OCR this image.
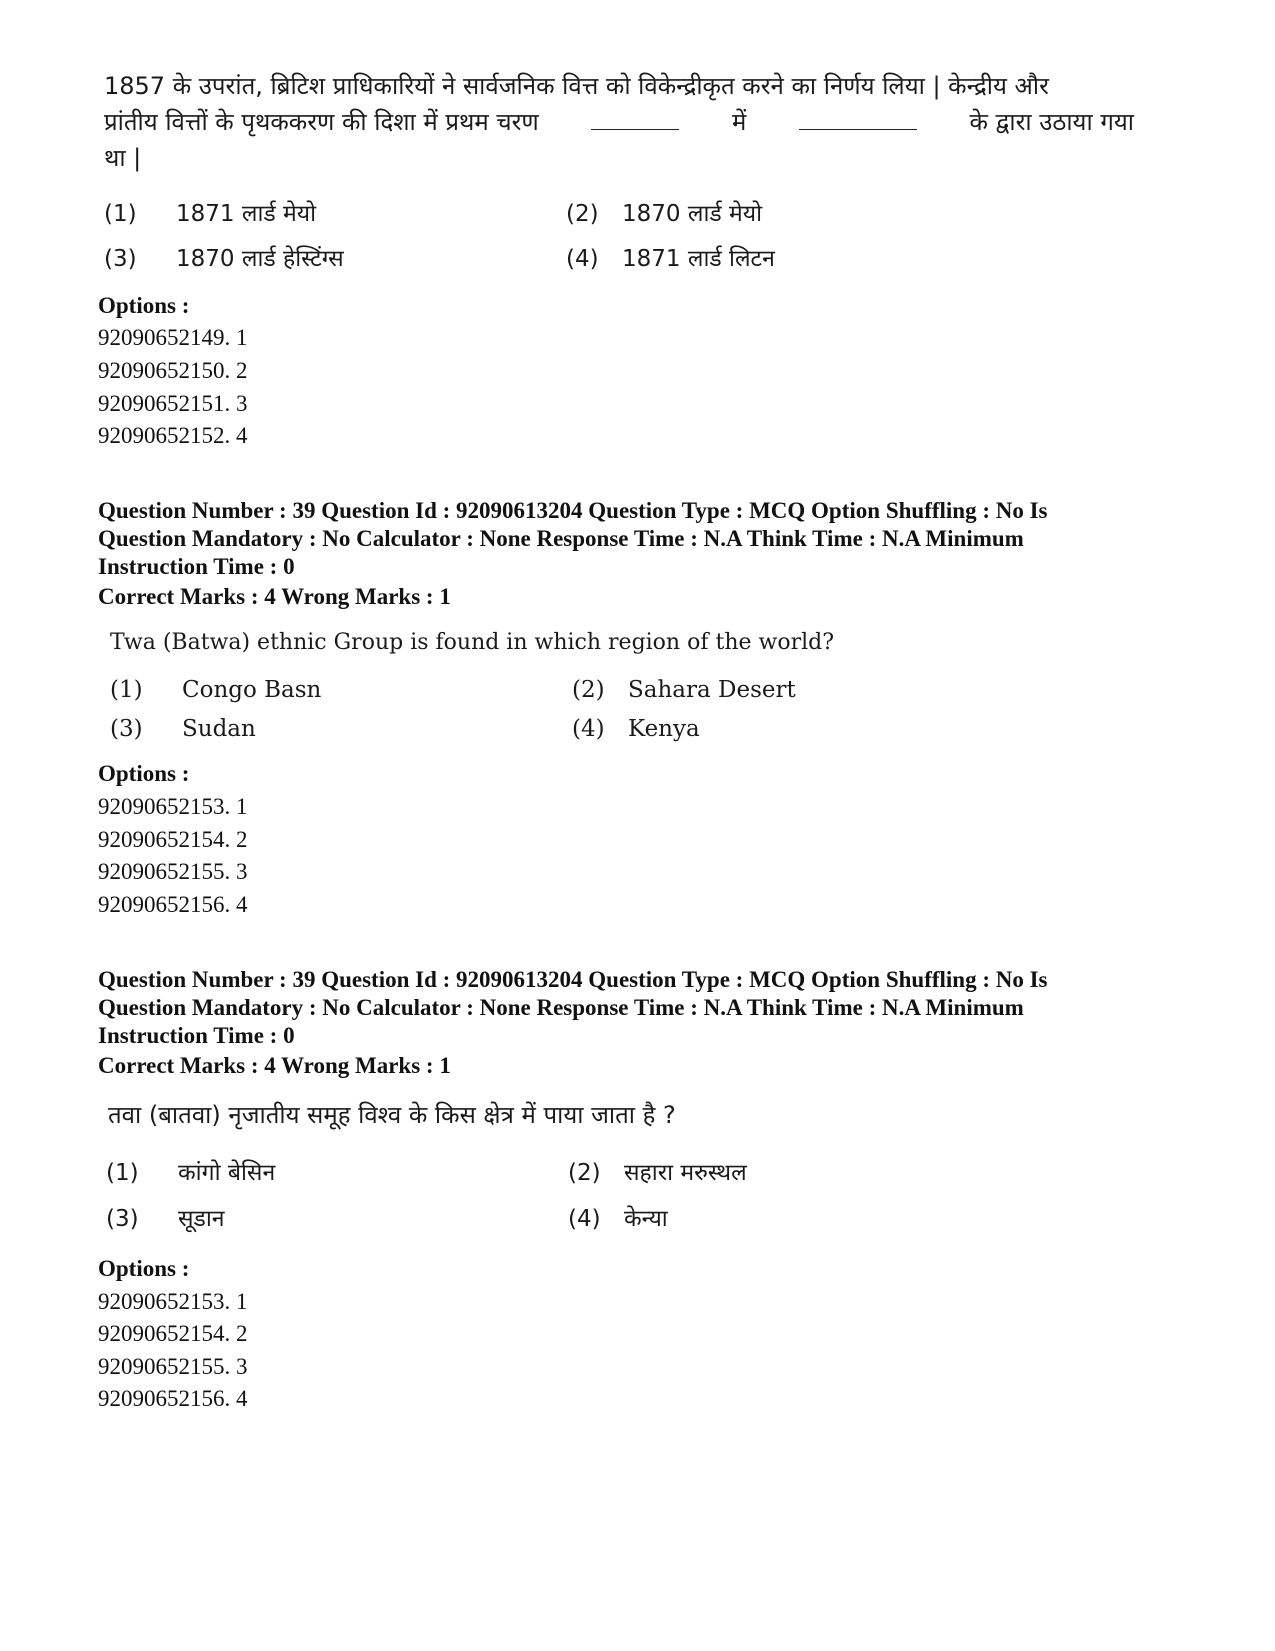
1857 के उपरांत, ब्रिटिश प्राधिकारियों ने सार्वजनिक वित्त को विकेन्द्रीकृत करने का निर्णय लिया | केन्द्रीय और
प्रांतीय वित्तों के पृथककरण की दिशा में प्रथम चरण	में	के द्वारा उठाया गया
था |
(1) 1871 लार्ड मेयो	(2) 1870 लार्ड मेयो
(3) 1870 लार्ड हेस्टिंग्स	(4) 1871 लार्ड लिटन
Options :
92090652149. 1
92090652150. 2
92090652151. 3
92090652152. 4
Question Number : 39 Question Id : 92090613204 Question Type : MCQ Option Shuffling : No Is
Question Mandatory : No Calculator : None Response Time : N.A Think Time : N.A Minimum
Instruction Time : 0
Correct Marks : 4 Wrong Marks : 1
Twa (Batwa) ethnic Group is found in which region of the world?
(1) Congo Basn	(2) Sahara Desert
(3) Sudan	(4) Kenya
Options :
92090652153. 1
92090652154. 2
92090652155. 3
92090652156. 4
Question Number : 39 Question Id : 92090613204 Question Type : MCQ Option Shuffling : No Is
Question Mandatory : No Calculator : None Response Time : N.A Think Time : N.A Minimum
Instruction Time : 0
Correct Marks : 4 Wrong Marks : 1
तवा (बातवा) नृजातीय समूह विश्व के किस क्षेत्र में पाया जाता है ?
(1) कांगो बेसिन	(2) सहारा मरुस्थल
(3) सूडान	(4) केन्या
Options :
92090652153. 1
92090652154. 2
92090652155. 3
92090652156. 4
